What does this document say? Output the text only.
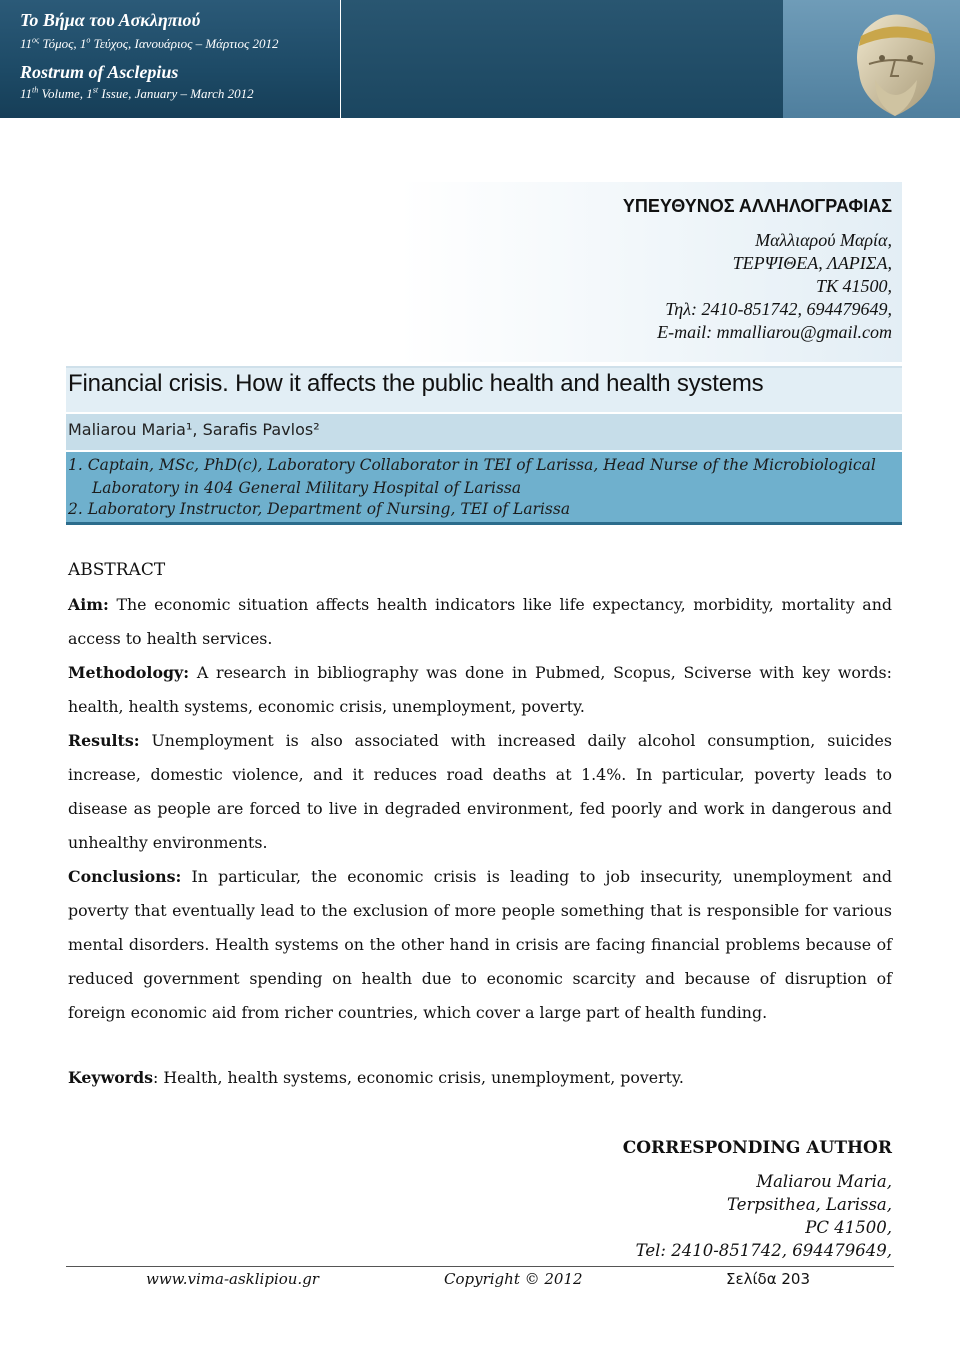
Το Βήμα του Ασκληπιού
$11^{o\varsigma}$ Τόμος, $1^o$ Τεύχος, Ιανουάριος – Μάρτιος 2012
Rostrum of Asclepius
11th Volume, 1st Issue, January – March 2012
ΥΠΕΥΘΥΝΟΣ ΑΛΛΗΛΟΓΡΑΦΙΑΣ
Μαλλιαρού Μαρία,
ΤΕΡΨΙΘΕΑ, ΛΑΡΙΣΑ,
ΤΚ 41500,
Τηλ: 2410-851742, 694479649,
E-mail: mmalliarou@gmail.com
Financial crisis. How it affects the public health and health systems
Maliarou Maria¹, Sarafis Pavlos²
1. Captain, MSc, PhD(c), Laboratory Collaborator in TEI of Larissa, Head Nurse of the Microbiological
Laboratory in 404 General Military Hospital of Larissa
2. Laboratory Instructor, Department of Nursing, TEI of Larissa
ABSTRACT
Aim: The economic situation affects health indicators like life expectancy, morbidity, mortality and access to health services.
Methodology: A research in bibliography was done in Pubmed, Scopus, Sciverse with key words: health, health systems, economic crisis, unemployment, poverty.
Results: Unemployment is also associated with increased daily alcohol consumption, suicides increase, domestic violence, and it reduces road deaths at 1.4%. In particular, poverty leads to disease as people are forced to live in degraded environment, fed poorly and work in dangerous and unhealthy environments.
Conclusions: In particular, the economic crisis is leading to job insecurity, unemployment and poverty that eventually lead to the exclusion of more people something that is responsible for various mental disorders. Health systems on the other hand in crisis are facing financial problems because of reduced government spending on health due to economic scarcity and because of disruption of foreign economic aid from richer countries, which cover a large part of health funding.
Keywords: Health, health systems, economic crisis, unemployment, poverty.
CORRESPONDING AUTHOR
Maliarou Maria,
Terpsithea, Larissa,
PC 41500,
Tel: 2410-851742, 694479649,
www.vima-asklipiou.gr	Copyright © 2012	Σελίδα 203
